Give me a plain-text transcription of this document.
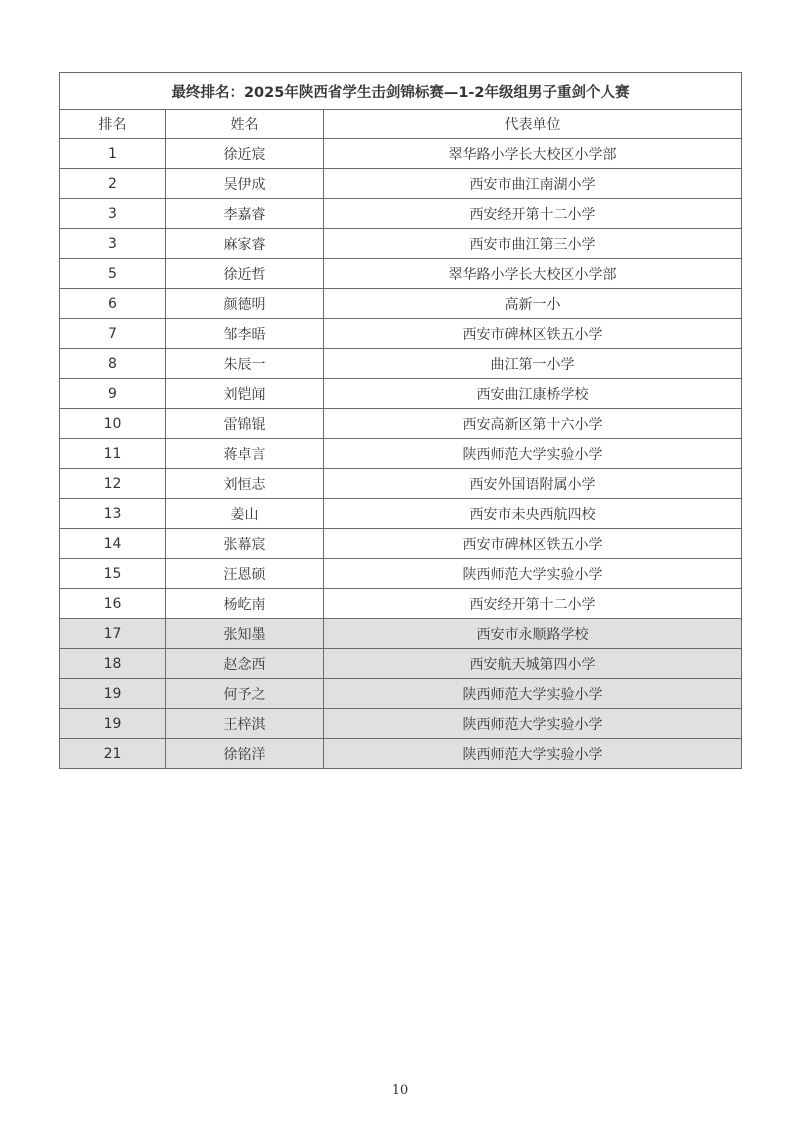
最终排名：2025年陕西省学生击剑锦标赛—1-2年级组男子重剑个人赛		
排名	姓名	代表单位
1	徐近宸	翠华路小学长大校区小学部
2	吴伊成	西安市曲江南湖小学
3	李嘉睿	西安经开第十二小学
3	麻家睿	西安市曲江第三小学
5	徐近哲	翠华路小学长大校区小学部
6	颜德明	高新一小
7	邹李晤	西安市碑林区铁五小学
8	朱辰一	曲江第一小学
9	刘铠闻	西安曲江康桥学校
10	雷锦锟	西安高新区第十六小学
11	蒋卓言	陕西师范大学实验小学
12	刘恒志	西安外国语附属小学
13	姜山	西安市未央西航四校
14	张幕宸	西安市碑林区铁五小学
15	汪恩硕	陕西师范大学实验小学
16	杨屹南	西安经开第十二小学
17	张知墨	西安市永顺路学校
18	赵念西	西安航天城第四小学
19	何予之	陕西师范大学实验小学
19	王梓淇	陕西师范大学实验小学
21	徐铭洋	陕西师范大学实验小学
10
